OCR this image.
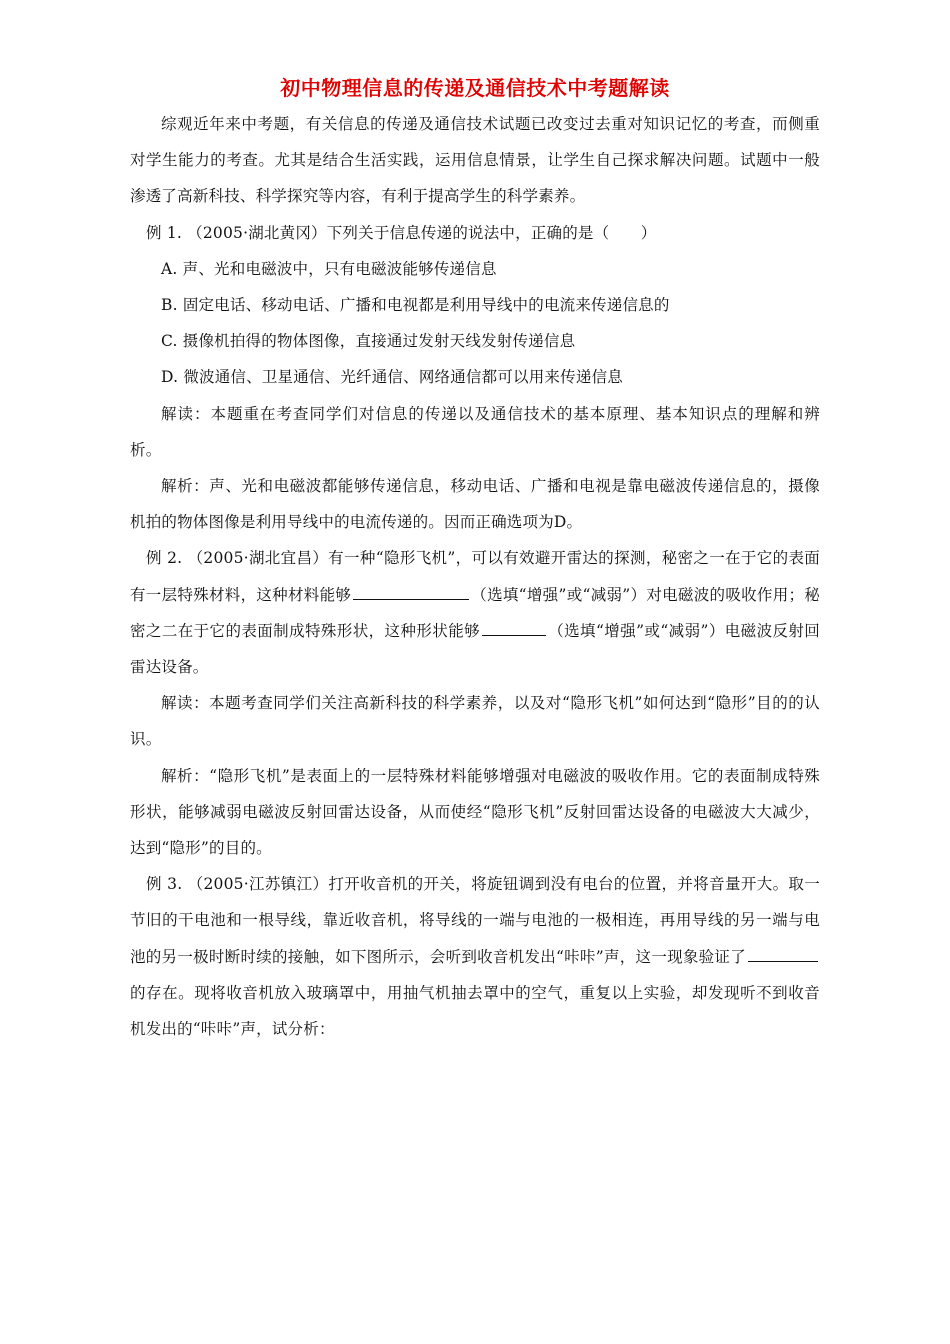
初中物理信息的传递及通信技术中考题解读

综观近年来中考题，有关信息的传递及通信技术试题已改变过去重对知识记忆的考查，而侧重对学生能力的考查。尤其是结合生活实践，运用信息情景，让学生自己探求解决问题。试题中一般渗透了高新科技、科学探究等内容，有利于提高学生的科学素养。

例 1. （2005·湖北黄冈）下列关于信息传递的说法中，正确的是（　　）

A. 声、光和电磁波中，只有电磁波能够传递信息

B. 固定电话、移动电话、广播和电视都是利用导线中的电流来传递信息的

C. 摄像机拍得的物体图像，直接通过发射天线发射传递信息

D. 微波通信、卫星通信、光纤通信、网络通信都可以用来传递信息

解读：本题重在考查同学们对信息的传递以及通信技术的基本原理、基本知识点的理解和辨析。

解析：声、光和电磁波都能够传递信息，移动电话、广播和电视是靠电磁波传递信息的，摄像机拍的物体图像是利用导线中的电流传递的。因而正确选项为D。

例 2. （2005·湖北宜昌）有一种“隐形飞机”，可以有效避开雷达的探测，秘密之一在于它的表面有一层特殊材料，这种材料能够	（选填“增强”或“减弱”）对电磁波的吸收作用；秘密之二在于它的表面制成特殊形状，这种形状能够	（选填“增强”或“减弱”）电磁波反射回雷达设备。

解读：本题考查同学们关注高新科技的科学素养，以及对“隐形飞机”如何达到“隐形”目的的认识。

解析：“隐形飞机”是表面上的一层特殊材料能够增强对电磁波的吸收作用。它的表面制成特殊形状，能够减弱电磁波反射回雷达设备，从而使经“隐形飞机”反射回雷达设备的电磁波大大减少，达到“隐形”的目的。

例 3. （2005·江苏镇江）打开收音机的开关，将旋钮调到没有电台的位置，并将音量开大。取一节旧的干电池和一根导线，靠近收音机，将导线的一端与电池的一极相连，再用导线的另一端与电池的另一极时断时续的接触，如下图所示，会听到收音机发出“咔咔”声，这一现象验证了的存在。现将收音机放入玻璃罩中，用抽气机抽去罩中的空气，重复以上实验，却发现听不到收音机发出的“咔咔”声，试分析：
